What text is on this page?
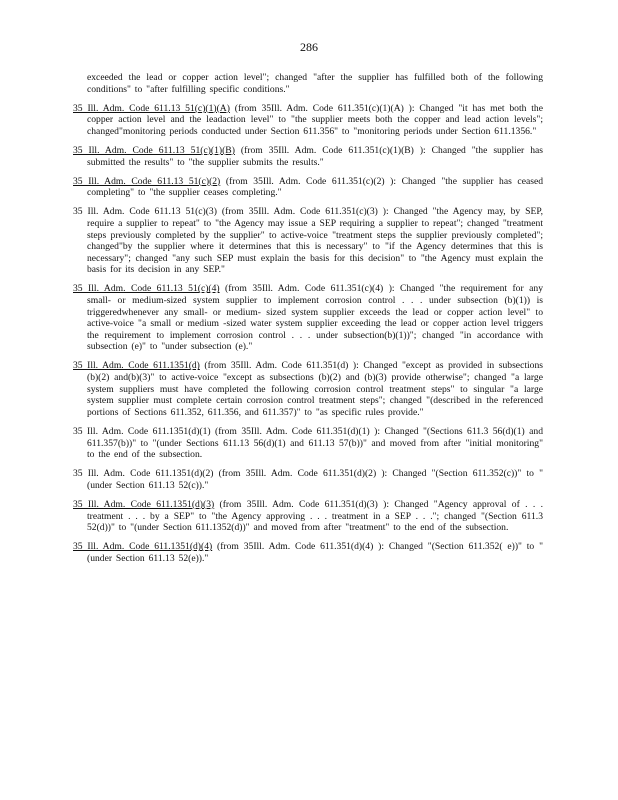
286

exceeded the lead or copper action level"; changed "after the supplier has fulfilled both of the following conditions" to "after fulfilling specific conditions."

35 Ill. Adm. Code 611.13 51(c)(1)(A) (from 35Ill. Adm. Code 611.351(c)(1)(A) ): Changed "it has met both the copper action level and the leadaction level" to "the supplier meets both the copper and lead action levels"; changed"monitoring periods conducted under Section 611.356" to "monitoring periods under Section 611.1356."

35 Ill. Adm. Code 611.13 51(c)(1)(B) (from 35Ill. Adm. Code 611.351(c)(1)(B) ): Changed "the supplier has submitted the results" to "the supplier submits the results."

35 Ill. Adm. Code 611.13 51(c)(2) (from 35Ill. Adm. Code 611.351(c)(2) ): Changed "the supplier has ceased completing" to "the supplier ceases completing."

35 Ill. Adm. Code 611.13 51(c)(3) (from 35Ill. Adm. Code 611.351(c)(3) ): Changed "the Agency may, by SEP, require a supplier to repeat" to "the Agency may issue a SEP requiring a supplier to repeat"; changed "treatment steps previously completed by the supplier" to active-voice "treatment steps the supplier previously completed"; changed"by the supplier where it determines that this is necessary" to "if the Agency determines that this is necessary"; changed "any such SEP must explain the basis for this decision" to "the Agency must explain the basis for its decision in any SEP."

35 Ill. Adm. Code 611.13 51(c)(4) (from 35Ill. Adm. Code 611.351(c)(4) ): Changed "the requirement for any small- or medium-sized system supplier to implement corrosion control . . . under subsection (b)(1)) is triggeredwhenever any small- or medium- sized system supplier exceeds the lead or copper action level" to active-voice "a small or medium -sized water system supplier exceeding the lead or copper action level triggers the requirement to implement corrosion control . . . under subsection(b)(1))"; changed "in accordance with subsection (e)" to "under subsection (e)."

35 Ill. Adm. Code 611.1351(d) (from 35Ill. Adm. Code 611.351(d) ): Changed "except as provided in subsections (b)(2) and(b)(3)" to active-voice "except as subsections (b)(2) and (b)(3) provide otherwise"; changed "a large system suppliers must have completed the following corrosion control treatment steps" to singular "a large system supplier must complete certain corrosion control treatment steps"; changed "(described in the referenced portions of Sections 611.352, 611.356, and 611.357)" to "as specific rules provide."

35 Ill. Adm. Code 611.1351(d)(1) (from 35Ill. Adm. Code 611.351(d)(1) ): Changed "(Sections 611.3 56(d)(1) and 611.357(b))" to "(under Sections 611.13 56(d)(1) and 611.13 57(b))" and moved from after "initial monitoring" to the end of the subsection.

35 Ill. Adm. Code 611.1351(d)(2) (from 35Ill. Adm. Code 611.351(d)(2) ): Changed "(Section 611.352(c))" to "(under Section 611.13 52(c))."

35 Ill. Adm. Code 611.1351(d)(3) (from 35Ill. Adm. Code 611.351(d)(3) ): Changed "Agency approval of . . . treatment . . . by a SEP" to "the Agency approving . . . treatment in a SEP . . ."; changed "(Section 611.3 52(d))" to "(under Section 611.1352(d))" and moved from after "treatment" to the end of the subsection.

35 Ill. Adm. Code 611.1351(d)(4) (from 35Ill. Adm. Code 611.351(d)(4) ): Changed "(Section 611.352( e))" to "(under Section 611.13 52(e))."
